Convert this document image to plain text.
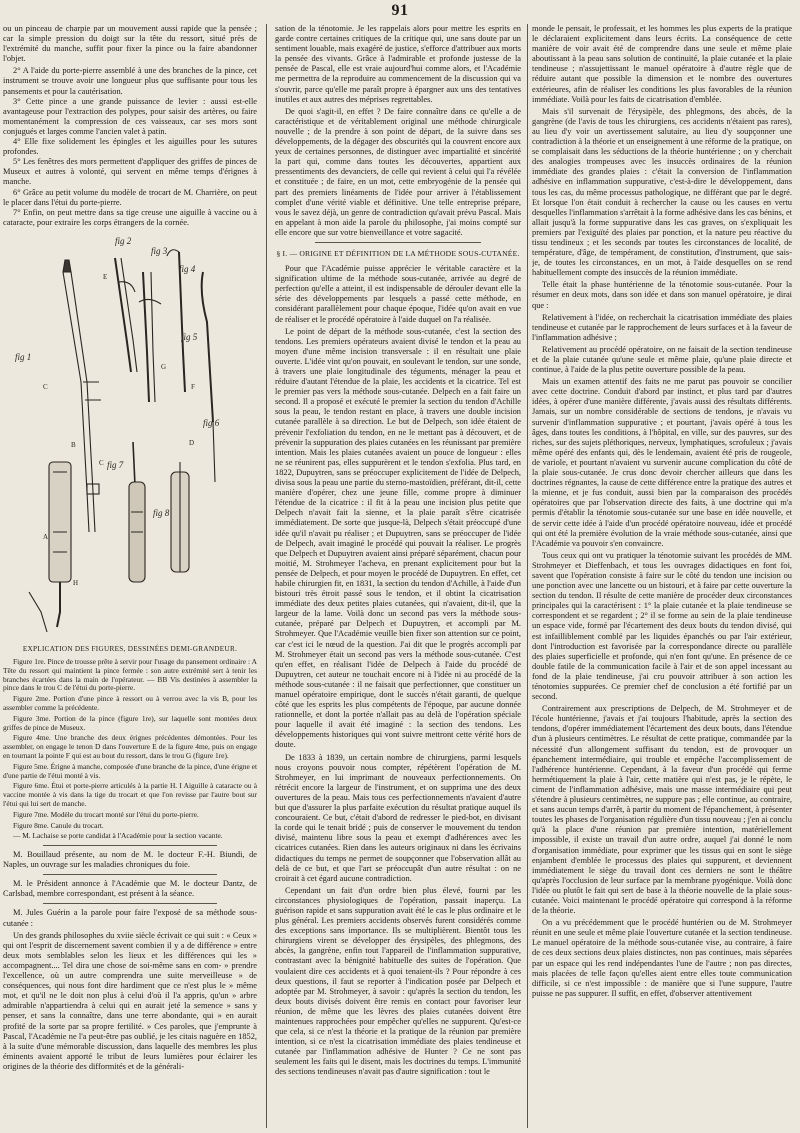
91

ou un pinceau de charpie par un mouvement aussi rapide que la pensée ; car la simple pression du doigt sur la tête du ressort, situé près de l'extrémité du manche, suffit pour fixer la pince ou la faire abandonner l'objet.

2° A l'aide du porte-pierre assemblé à une des branches de la pince, cet instrument se trouve avoir une longueur plus que suffisante pour tous les pansements et pour la cautérisation.

3° Cette pince a une grande puissance de levier : aussi est-elle avantageuse pour l'extraction des polypes, pour saisir des artères, ou faire momentanément la compression de ces vaisseaux, car ses mors sont conjugués et larges comme l'ancien valet à patin.

4° Elle fixe solidement les épingles et les aiguilles pour les sutures profondes.

5° Les fenêtres des mors permettent d'appliquer des griffes de pinces de Museux et autres à volonté, qui servent en même temps d'érignes à manche.

6° Grâce au petit volume du modèle de trocart de M. Charrière, on peut le placer dans l'étui du porte-pierre.

7° Enfin, on peut mettre dans sa tige creuse une aiguille à vaccine ou à cataracte, pour extraire les corps étrangers de la cornée.

fig 2
fig 3
fig 4
fig 5
fig 6
fig 1
fig 7
fig 8
E
C
G
F
B	D
C
A
H

EXPLICATION DES FIGURES, DESSINÉES DEMI-GRANDEUR.

Figure 1re. Pince de trousse prête à servir pour l'usage du pansement ordinaire : A Tête du ressort qui maintient la pince fermée : son autre extrémité sert à tenir les branches écartées dans la main de l'opérateur. — BB Vis destinées à assembler la pince dans le trou C de l'étui du porte-pierre.

Figure 2me. Portion d'une pince à ressort ou à verrou avec la vis B, pour les assembler comme la précédente.

Figure 3me. Portion de la pince (figure 1re), sur laquelle sont montées deux griffes de pince de Museux.

Figure 4me. Une branche des deux érignes précédentes démontées. Pour les assembler, on engage le tenon D dans l'ouverture E de la figure 4me, puis on engage en tournant la pointe F qui est au bout du ressort, dans le trou G (figure 1re).

Figure 5me. Érigne à manche, composée d'une branche de la pince, d'une érigne et d'une partie de l'étui monté à vis.

Figure 6me. Étui et porte-pierre articulés à la partie H. I Aiguille à cataracte ou à vaccine montée à vis dans la tige du trocart et que l'on revisse par l'autre bout sur l'étui qui lui sert de manche.

Figure 7me. Modèle du trocart monté sur l'étui du porte-pierre.

Figure 8me. Canule du trocart.

— M. Lachaise se porte candidat à l'Académie pour la section vacante.

M. Bouillaud présente, au nom de M. le docteur F.-H. Biundi, de Naples, un ouvrage sur les maladies chroniques du foie.

M. le Président annonce à l'Académie que M. le docteur Dantz, de Carlsbad, membre correspondant, est présent à la séance.

M. Jules Guérin a la parole pour faire l'exposé de sa méthode sous-cutanée :

Un des grands philosophes du xviie siècle écrivait ce qui suit : « Ceux » qui ont l'esprit de discernement savent combien il y a de différence » entre deux mots semblables selon les lieux et les différences qui les » accompagnent.... Tel dira une chose de soi-même sans en com- » prendre l'excellence, où un autre comprendra une suite merveilleuse » de conséquences, qui nous font dire hardiment que ce n'est plus le » même mot, et qu'il ne le doit non plus à celui d'où il l'a appris, qu'un » arbre admirable n'appartiendra à celui qui en aurait jeté la semence » sans y penser, et sans la connaître, dans une terre abondante, qui » en aurait profité de la sorte par sa propre fertilité. » Ces paroles, que j'emprunte à Pascal, l'Académie ne l'a peut-être pas oublié, je les citais naguère en 1852, à la suite d'une mémorable discussion, dans laquelle des membres les plus éminents avaient apporté le tribut de leurs lumières pour éclairer les origines de la théorie des difformités et de la générali-

sation de la ténotomie. Je les rappelais alors pour mettre les esprits en garde contre certaines critiques de la critique qui, une sans doute par un sentiment louable, mais exagéré de justice, s'efforce d'attribuer aux morts la pensée des vivants. Grâce à l'admirable et profonde justesse de la pensée de Pascal, elle est vraie aujourd'hui comme alors, et l'Académie me permettra de la reproduire au commencement de la discussion qui va s'ouvrir, parce qu'elle me paraît propre à épargner aux uns des tentatives inutiles et aux autres des méprises regrettables.

De quoi s'agit-il, en effet ? De faire connaître dans ce qu'elle a de caractéristique et de véritablement original une méthode chirurgicale nouvelle ; de la prendre à son point de départ, de la suivre dans ses développements, de la dégager des obscurités qui la couvrent encore aux yeux de certaines personnes, de distinguer avec impartialité et sincérité la part qui, comme dans toutes les découvertes, appartient aux pressentiments des devanciers, de celle qui revient à celui qui l'a révélée et constituée ; de faire, en un mot, cette embryogénie de la pensée qui part des premiers linéaments de l'idée pour arriver à l'établissement complet d'une vérité viable et définitive. Une telle entreprise prépare, vous le savez déjà, un genre de contradiction qu'avait prévu Pascal. Mais en appelant à mon aide la parole du philosophe, j'ai moins compté sur elle encore que sur votre bienveillance et votre sagacité.

§ I. — ORIGINE ET DÉFINITION DE LA MÉTHODE SOUS-CUTANÉE.

Pour que l'Académie puisse apprécier le véritable caractère et la signification ultime de la méthode sous-cutanée, arrivée au degré de perfection qu'elle a atteint, il est indispensable de dérouler devant elle la série des développements par lesquels a passé cette méthode, en considérant parallèlement pour chaque époque, l'idée qu'on avait en vue de réaliser et le procédé opératoire à l'aide duquel on l'a réalisée.

Le point de départ de la méthode sous-cutanée, c'est la section des tendons. Les premiers opérateurs avaient divisé le tendon et la peau au moyen d'une même incision transversale : il en résultait une plaie ouverte. L'idée vint qu'on pouvait, en soulevant le tendon, sur une sonde, à travers une plaie longitudinale des téguments, ménager la peau et réduire d'autant l'étendue de la plaie, les accidents et la cicatrice. Tel est le premier pas vers la méthode sous-cutanée. Delpech en a fait faire un second. Il a proposé et exécuté le premier la section du tendon d'Achille sous la peau, le tendon restant en place, à travers une double incision cutanée parallèle à sa direction. Le but de Delpech, son idée étaient de prévenir l'exfoliation du tendon, en ne le mettant pas à découvert, et de prévenir la suppuration des plaies cutanées en les réunissant par première intention. Mais les plaies cutanées avaient un pouce de longueur : elles ne se réunirent pas, elles suppurèrent et le tendon s'exfolia. Plus tard, en 1822, Dupuytren, sans se préoccuper explicitement de l'idée de Delpech, divisa sous la peau une partie du sterno-mastoïdien, préférant, dit-il, cette manière d'opérer, chez une jeune fille, comme propre à diminuer l'étendue de la cicatrice : il fit à la peau une incision plus petite que Delpech n'avait fait la sienne, et la plaie paraît s'être cicatrisée immédiatement. De sorte que jusque-là, Delpech s'était préoccupé d'une idée qu'il n'avait pu réaliser ; et Dupuytren, sans se préoccuper de l'idée de Delpech, avait imaginé le procédé qui pouvait la réaliser. Le progrès que Delpech et Dupuytren avaient ainsi préparé séparément, chacun pour moitié, M. Strohmeyer l'acheva, en prenant explicitement pour but la pensée de Delpech, et pour moyen le procédé de Dupuytren. En effet, cet habile chirurgien fit, en 1831, la section du tendon d'Achille, à l'aide d'un bistouri très étroit passé sous le tendon, et il obtint la cicatrisation immédiate des deux petites plaies cutanées, qui n'avaient, dit-il, que la largeur de la lame. Voilà donc un second pas vers la méthode sous-cutanée, préparé par Delpech et Dupuytren, et accompli par M. Strohmeyer. Que l'Académie veuille bien fixer son attention sur ce point, car c'est ici le nœud de la question. J'ai dit que le progrès accompli par M. Strohmeyer était un second pas vers la méthode sous-cutanée. C'est qu'en effet, en réalisant l'idée de Delpech à l'aide du procédé de Dupuytren, cet auteur ne touchait encore ni à l'idée ni au procédé de la méthode sous-cutanée : il ne faisait que perfectionner, que constituer un manuel opératoire empirique, dont le succès n'était garanti, de quelque côté que les esprits les plus compétents de l'époque, par aucune donnée rationnelle, et dont la portée n'allait pas au delà de l'opération spéciale pour laquelle il avait été imaginé : la section des tendons. Les développements historiques qui vont suivre mettront cette vérité hors de doute.

De 1833 à 1839, un certain nombre de chirurgiens, parmi lesquels nous croyons pouvoir nous compter, répétèrent l'opération de M. Strohmeyer, en lui imprimant de nouveaux perfectionnements. On rétrécit encore la largeur de l'instrument, et on supprima une des deux ouvertures de la peau. Mais tous ces perfectionnements n'avaient d'autre but que d'assurer la plus parfaite exécution du résultat pratique auquel ils concouraient. Ce but, c'était d'abord de redresser le pied-bot, en divisant la corde qui le tenait bridé ; puis de conserver le mouvement du tendon divisé, maintenu libre sous la peau et exempt d'adhérences avec les cicatrices cutanées. Rien dans les auteurs originaux ni dans les écrivains didactiques du temps ne permet de soupçonner que l'observation allât au delà de ce but, et que l'art se préoccupât d'un autre résultat : on ne croirait à cet égard aucune contradiction.

Cependant un fait d'un ordre bien plus élevé, fourni par les circonstances physiologiques de l'opération, passait inaperçu. La guérison rapide et sans suppuration avait été le cas le plus ordinaire et le plus général. Les premiers accidents observés furent considérés comme des exceptions sans importance. Ils se multiplièrent. Bientôt tous les chirurgiens virent se développer des érysipèles, des phlegmons, des abcès, la gangrène, enfin tout l'appareil de l'inflammation suppurative, contrastant avec la bénignité habituelle des suites de l'opération. Que voulaient dire ces accidents et à quoi tenaient-ils ? Pour répondre à ces deux questions, il faut se reporter à l'indication posée par Delpech et adoptée par M. Strohmeyer, à savoir : qu'après la section du tendon, les deux bouts divisés doivent être remis en contact pour favoriser leur réunion, de même que les lèvres des plaies cutanées doivent être maintenues rapprochées pour empêcher qu'elles ne suppurent. Qu'est-ce que cela, si ce n'est la théorie et la pratique de la réunion par première intention, si ce n'est la cicatrisation immédiate des plaies tendineuse et cutanée par l'inflammation adhésive de Hunter ? Ce ne sont pas seulement les faits qui le disent, mais les doctrines du temps. L'immunité des sections tendineuses n'avait pas d'autre signification : tout le

monde le pensait, le professait, et les hommes les plus experts de la pratique le déclaraient explicitement dans leurs écrits. La conséquence de cette manière de voir avait été de comprendre dans une seule et même plaie aboutissant à la peau sans solution de continuité, la plaie cutanée et la plaie tendineuse ; n'assujettissant le manuel opératoire à d'autre règle que de réduire autant que possible la dimension et le nombre des ouvertures extérieures, afin de réaliser les conditions les plus favorables de la réunion immédiate. Voilà pour les faits de cicatrisation d'emblée.

Mais s'il survenait de l'érysipèle, des phlegmons, des abcès, de la gangrène (de l'avis de tous les chirurgiens, ces accidents n'étaient pas rares), au lieu d'y voir un avertissement salutaire, au lieu d'y soupçonner une contradiction à la théorie et un enseignement à une réforme de la pratique, on se complaisait dans les séductions de la théorie huntérienne ; on y cherchait des analogies trompeuses avec les insuccès ordinaires de la réunion immédiate des grandes plaies : c'était la conversion de l'inflammation adhésive en inflammation suppurative, c'est-à-dire le développement, dans tous les cas, du même processus pathologique, ne différant que par le degré. Et lorsque l'on était conduit à rechercher la cause ou les causes en vertu desquelles l'inflammation s'arrêtait à la forme adhésive dans les cas bénins, et allait jusqu'à la forme suppurative dans les cas graves, on s'expliquait les premiers par l'exiguïté des plaies par ponction, et la nature peu réactive du tissu tendineux ; et les seconds par toutes les circonstances de localité, de température, d'âge, de tempérament, de constitution, d'instrument, que sais-je, de toutes les circonstances, en un mot, à l'aide desquelles on se rend habituellement compte des insuccès de la réunion immédiate.

Telle était la phase huntérienne de la ténotomie sous-cutanée. Pour la résumer en deux mots, dans son idée et dans son manuel opératoire, je dirai que :

Relativement à l'idée, on recherchait la cicatrisation immédiate des plaies tendineuse et cutanée par le rapprochement de leurs surfaces et à la faveur de l'inflammation adhésive ;

Relativement au procédé opératoire, on ne faisait de la section tendineuse et de la plaie cutanée qu'une seule et même plaie, qu'une plaie directe et continue, à l'aide de la plus petite ouverture possible de la peau.

Mais un examen attentif des faits ne me parut pas pouvoir se concilier avec cette doctrine. Conduit d'abord par instinct, et plus tard par d'autres idées, à opérer d'une manière différente, j'avais aussi des résultats différents. Jamais, sur un nombre considérable de sections de tendons, je n'avais vu survenir d'inflammation suppurative ; et pourtant, j'avais opéré à tous les âges, dans toutes les conditions, à l'hôpital, en ville, sur des pauvres, sur des riches, sur des sujets pléthoriques, nerveux, lymphatiques, scrofuleux ; j'avais même opéré des enfants qui, dès le lendemain, avaient été pris de rougeole, de variole, et pourtant n'avaient vu survenir aucune complication du côté de la plaie sous-cutanée. Je crus donc devoir chercher ailleurs que dans les doctrines régnantes, la cause de cette différence entre la pratique des autres et la mienne, et je fus conduit, aussi bien par la comparaison des procédés opératoires que par l'observation directe des faits, à une doctrine qui m'a permis d'établir la ténotomie sous-cutanée sur une base en idée nouvelle, et de servir cette idée à l'aide d'un procédé opératoire nouveau, idée et procédé qui ont été la première évolution de la vraie méthode sous-cutanée, ainsi que l'Académie va pouvoir s'en convaincre.

Tous ceux qui ont vu pratiquer la ténotomie suivant les procédés de MM. Strohmeyer et Dieffenbach, et tous les ouvrages didactiques en font foi, savent que l'opération consiste à faire sur le côté du tendon une incision ou une ponction avec une lancette ou un bistouri, et à faire par cette ouverture la section du tendon. Il résulte de cette manière de procéder deux circonstances principales qui la caractérisent : 1° la plaie cutanée et la plaie tendineuse se correspondent et se regardent ; 2° il se forme au sein de la plaie tendineuse un espace vide, formé par l'écartement des deux bouts du tendon divisé, qui est infailliblement comblé par les liquides épanchés ou par l'air extérieur, dont l'introduction est favorisée par la correspondance directe ou parallèle des plaies superficielle et profonde, qui n'en font qu'une. En présence de ce double fatile de la communication facile à l'air et de son appel incessant au fond de la plaie tendineuse, j'ai cru pouvoir attribuer à son action les ténotomies suppurées. Ce premier chef de conclusion a été fortifié par un second.

Contrairement aux prescriptions de Delpech, de M. Strohmeyer et de l'école huntérienne, j'avais et j'ai toujours l'habitude, après la section des tendons, d'opérer immédiatement l'écartement des deux bouts, dans l'étendue d'un à plusieurs centimètres. Le résultat de cette pratique, commandée par la nécessité d'un allongement suffisant du tendon, est de provoquer un épanchement intermédiaire, qui trouble et empêche l'accomplissement de l'adhérence huntérienne. Cependant, à la faveur d'un procédé qui ferme hermétiquement la plaie à l'air, cette matière qui n'est pas, je le répète, le ciment de l'inflammation adhésive, mais une masse intermédiaire qui peut s'étendre à plusieurs centimètres, ne suppure pas ; elle continue, au contraire, et sans aucun temps d'arrêt, à partir du moment de l'épanchement, à présenter toutes les phases de l'organisation régulière d'un tissu nouveau ; j'en ai conclu qu'à la place d'une réunion par première intention, matériellement impossible, il existe un travail d'un autre ordre, auquel j'ai donné le nom d'organisation immédiate, pour exprimer que les tissus qui en sont le siège enjambent d'emblée le processus des plaies qui suppurent, et deviennent immédiatement le siège du travail dont ces derniers ne sont le théâtre qu'après l'occlusion de leur surface par la membrane pyogénique. Voilà donc l'idée ou plutôt le fait qui sert de base à la théorie nouvelle de la plaie sous-cutanée. Voici maintenant le procédé opératoire qui correspond à la réforme de la théorie.

On a vu précédemment que le procédé huntérien ou de M. Strohmeyer réunit en une seule et même plaie l'ouverture cutanée et la section tendineuse. Le manuel opératoire de la méthode sous-cutanée vise, au contraire, à faire de ces deux sections deux plaies distinctes, non pas continues, mais séparées par un espace qui les rend indépendantes l'une de l'autre ; non pas directes, mais placées de telle façon qu'elles aient entre elles toute communication difficile, si ce n'est impossible : de manière que si l'une suppure, l'autre puisse ne pas suppurer. Il suffit, en effet, d'observer attentivement
